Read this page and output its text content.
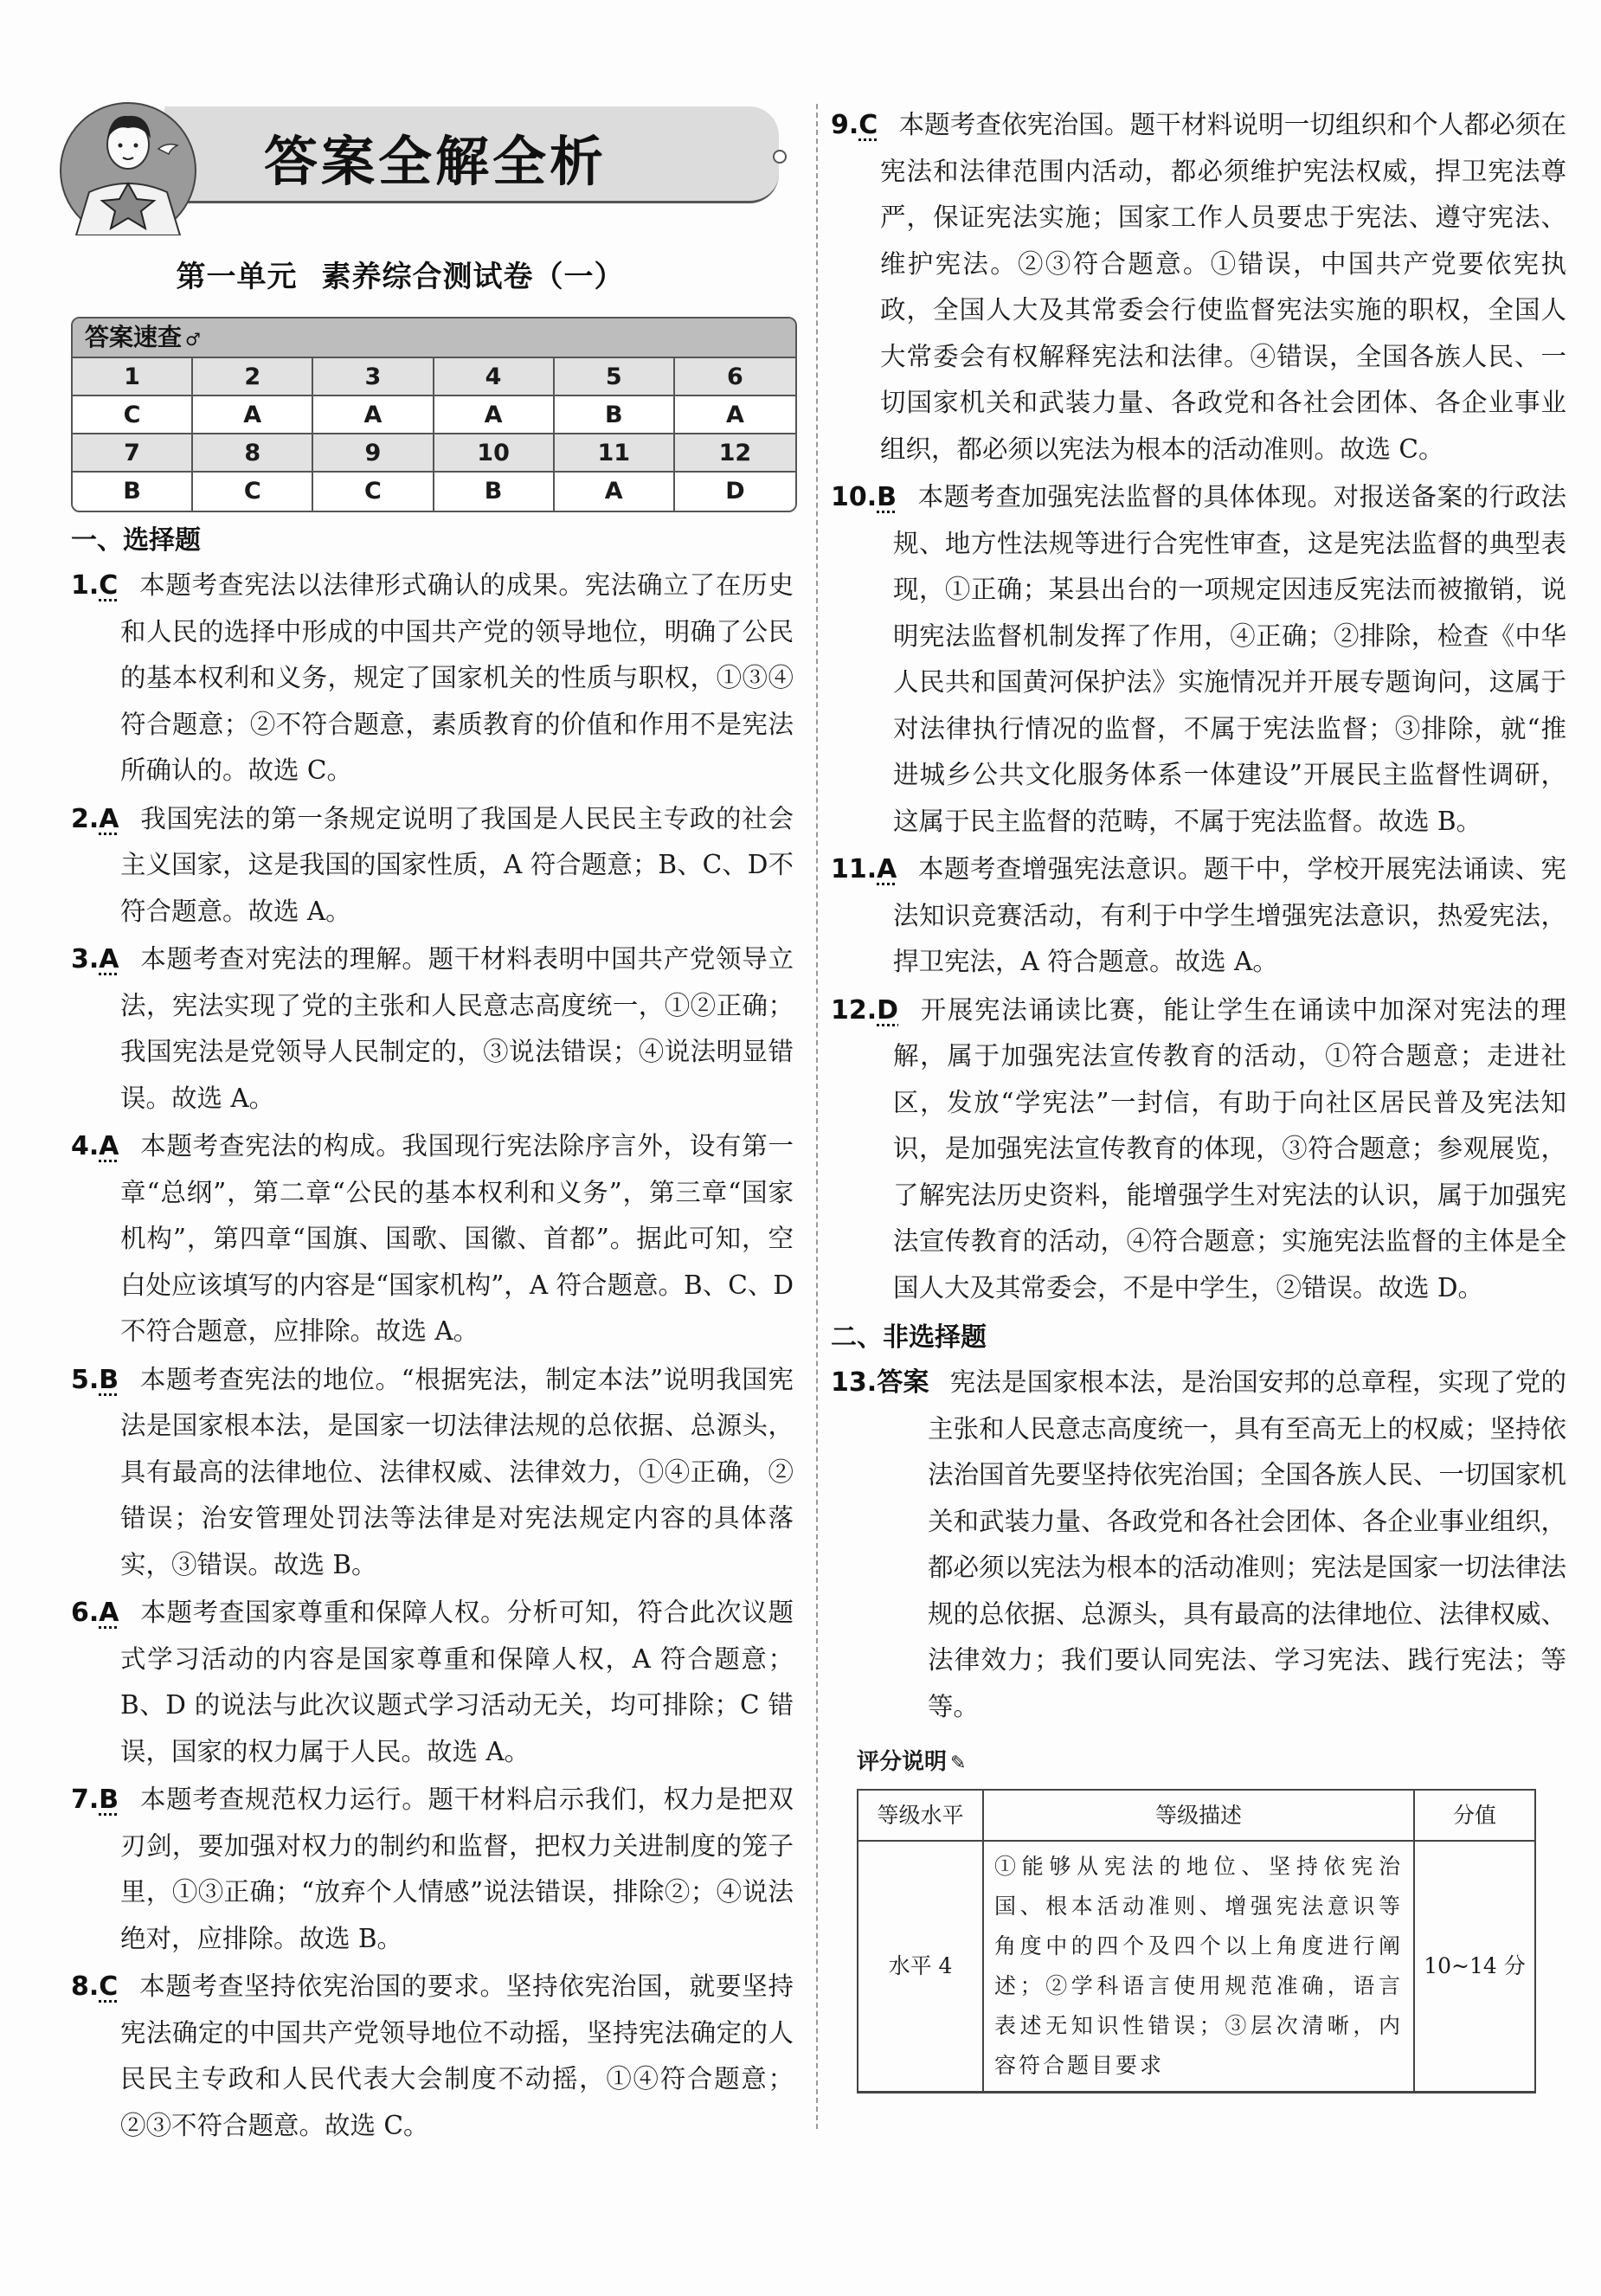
答案全解全析
第一单元 素养综合测试卷（一）
答案速查 ♂
1	2	3	4	5	6
C	A	A	A	B	A
7	8	9	10	11	12
B	C	C	B	A	D

一、选择题

1.C 本题考查宪法以法律形式确认的成果。宪法确立了在历史和人民的选择中形成的中国共产党的领导地位，明确了公民的基本权利和义务，规定了国家机关的性质与职权，①③④符合题意；②不符合题意，素质教育的价值和作用不是宪法所确认的。故选 C。

2.A 我国宪法的第一条规定说明了我国是人民民主专政的社会主义国家，这是我国的国家性质，A 符合题意；B、C、D不符合题意。故选 A。

3.A 本题考查对宪法的理解。题干材料表明中国共产党领导立法，宪法实现了党的主张和人民意志高度统一，①②正确；我国宪法是党领导人民制定的，③说法错误；④说法明显错误。故选 A。

4.A 本题考查宪法的构成。我国现行宪法除序言外，设有第一章“总纲”，第二章“公民的基本权利和义务”，第三章“国家机构”，第四章“国旗、国歌、国徽、首都”。据此可知，空白处应该填写的内容是“国家机构”，A 符合题意。B、C、D 不符合题意，应排除。故选 A。

5.B 本题考查宪法的地位。“根据宪法，制定本法”说明我国宪法是国家根本法，是国家一切法律法规的总依据、总源头，具有最高的法律地位、法律权威、法律效力，①④正确，②错误；治安管理处罚法等法律是对宪法规定内容的具体落实，③错误。故选 B。

6.A 本题考查国家尊重和保障人权。分析可知，符合此次议题式学习活动的内容是国家尊重和保障人权，A 符合题意；B、D 的说法与此次议题式学习活动无关，均可排除；C 错误，国家的权力属于人民。故选 A。

7.B 本题考查规范权力运行。题干材料启示我们，权力是把双刃剑，要加强对权力的制约和监督，把权力关进制度的笼子里，①③正确；“放弃个人情感”说法错误，排除②；④说法绝对，应排除。故选 B。

8.C 本题考查坚持依宪治国的要求。坚持依宪治国，就要坚持宪法确定的中国共产党领导地位不动摇，坚持宪法确定的人民民主专政和人民代表大会制度不动摇，①④符合题意；②③不符合题意。故选 C。

9.C 本题考查依宪治国。题干材料说明一切组织和个人都必须在宪法和法律范围内活动，都必须维护宪法权威，捍卫宪法尊严，保证宪法实施；国家工作人员要忠于宪法、遵守宪法、维护宪法。②③符合题意。①错误，中国共产党要依宪执政，全国人大及其常委会行使监督宪法实施的职权，全国人大常委会有权解释宪法和法律。④错误，全国各族人民、一切国家机关和武装力量、各政党和各社会团体、各企业事业组织，都必须以宪法为根本的活动准则。故选 C。

10.B 本题考查加强宪法监督的具体体现。对报送备案的行政法规、地方性法规等进行合宪性审查，这是宪法监督的典型表现，①正确；某县出台的一项规定因违反宪法而被撤销，说明宪法监督机制发挥了作用，④正确；②排除，检查《中华人民共和国黄河保护法》实施情况并开展专题询问，这属于对法律执行情况的监督，不属于宪法监督；③排除，就“推进城乡公共文化服务体系一体建设”开展民主监督性调研，这属于民主监督的范畴，不属于宪法监督。故选 B。

11.A 本题考查增强宪法意识。题干中，学校开展宪法诵读、宪法知识竞赛活动，有利于中学生增强宪法意识，热爱宪法，捍卫宪法，A 符合题意。故选 A。

12.D 开展宪法诵读比赛，能让学生在诵读中加深对宪法的理解，属于加强宪法宣传教育的活动，①符合题意；走进社区，发放“学宪法”一封信，有助于向社区居民普及宪法知识，是加强宪法宣传教育的体现，③符合题意；参观展览，了解宪法历史资料，能增强学生对宪法的认识，属于加强宪法宣传教育的活动，④符合题意；实施宪法监督的主体是全国人大及其常委会，不是中学生，②错误。故选 D。

二、非选择题

13.答案 宪法是国家根本法，是治国安邦的总章程，实现了党的主张和人民意志高度统一，具有至高无上的权威；坚持依法治国首先要坚持依宪治国；全国各族人民、一切国家机关和武装力量、各政党和各社会团体、各企业事业组织，都必须以宪法为根本的活动准则；宪法是国家一切法律法规的总依据、总源头，具有最高的法律地位、法律权威、法律效力；我们要认同宪法、学习宪法、践行宪法；等等。

评分说明 ✎
等级水平	等级描述	分值
水平 4	①能够从宪法的地位、坚持依宪治国、根本活动准则、增强宪法意识等角度中的四个及四个以上角度进行阐述；②学科语言使用规范准确，语言表述无知识性错误；③层次清晰，内容符合题目要求	10~14 分
